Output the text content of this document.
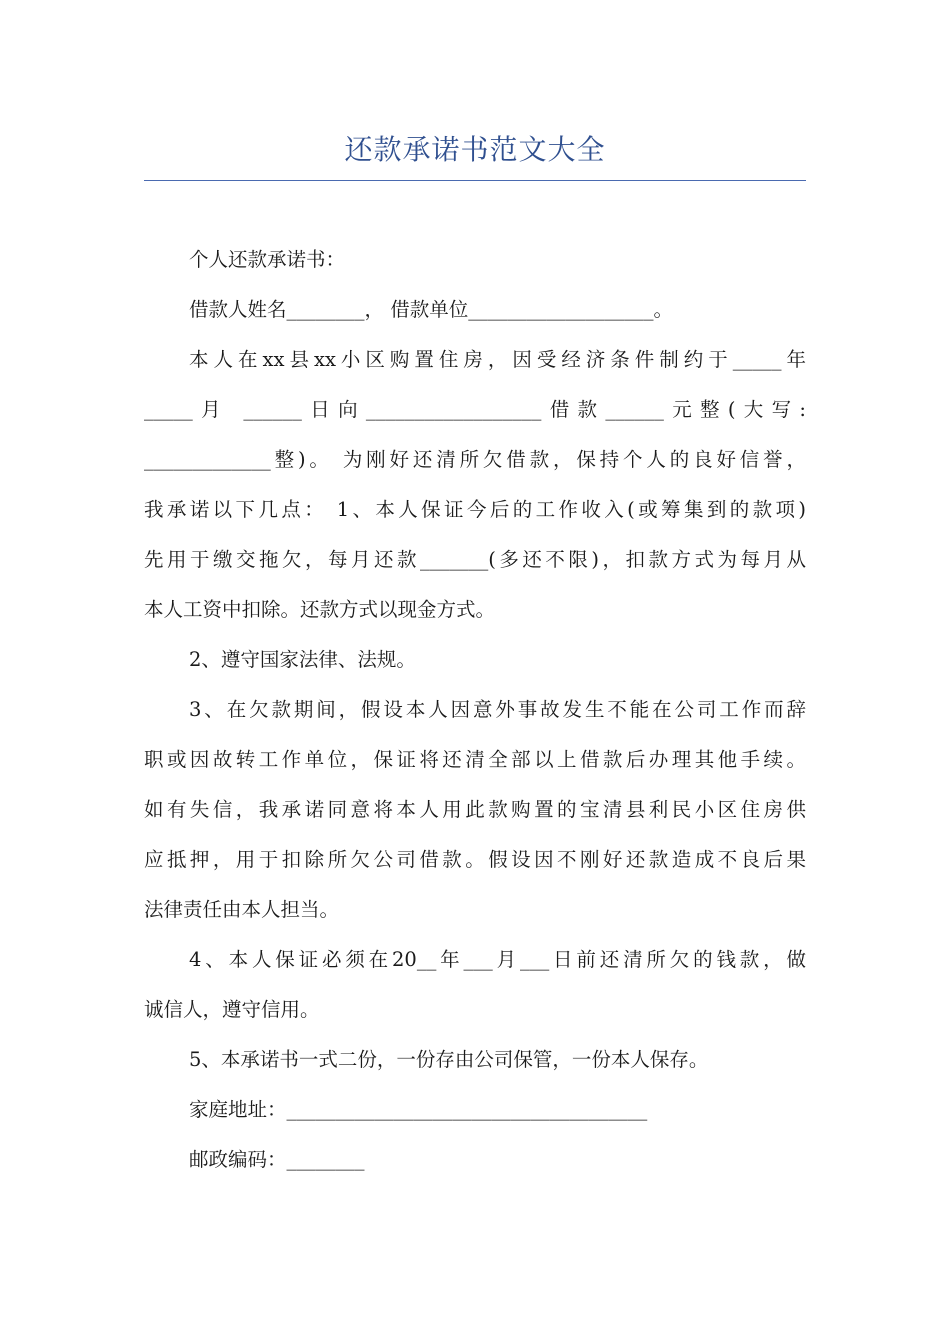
还款承诺书范文大全

个人还款承诺书：

借款人姓名________， 借款单位___________________。

本人在xx县xx小区购置住房，因受经济条件制约于_____年

_____月 ______日向__________________借款______元整(大写:

_____________整)。 为刚好还清所欠借款，保持个人的良好信誉，

我承诺以下几点： 1、本人保证今后的工作收入(或筹集到的款项)

先用于缴交拖欠，每月还款_______(多还不限)，扣款方式为每月从

本人工资中扣除。还款方式以现金方式。

2、遵守国家法律、法规。

3、在欠款期间，假设本人因意外事故发生不能在公司工作而辞

职或因故转工作单位，保证将还清全部以上借款后办理其他手续。

如有失信，我承诺同意将本人用此款购置的宝清县利民小区住房供

应抵押，用于扣除所欠公司借款。假设因不刚好还款造成不良后果

法律责任由本人担当。

4、本人保证必须在20__年___月___日前还清所欠的钱款，做

诚信人，遵守信用。

5、本承诺书一式二份，一份存由公司保管，一份本人保存。

家庭地址：_____________________________________

邮政编码：________
